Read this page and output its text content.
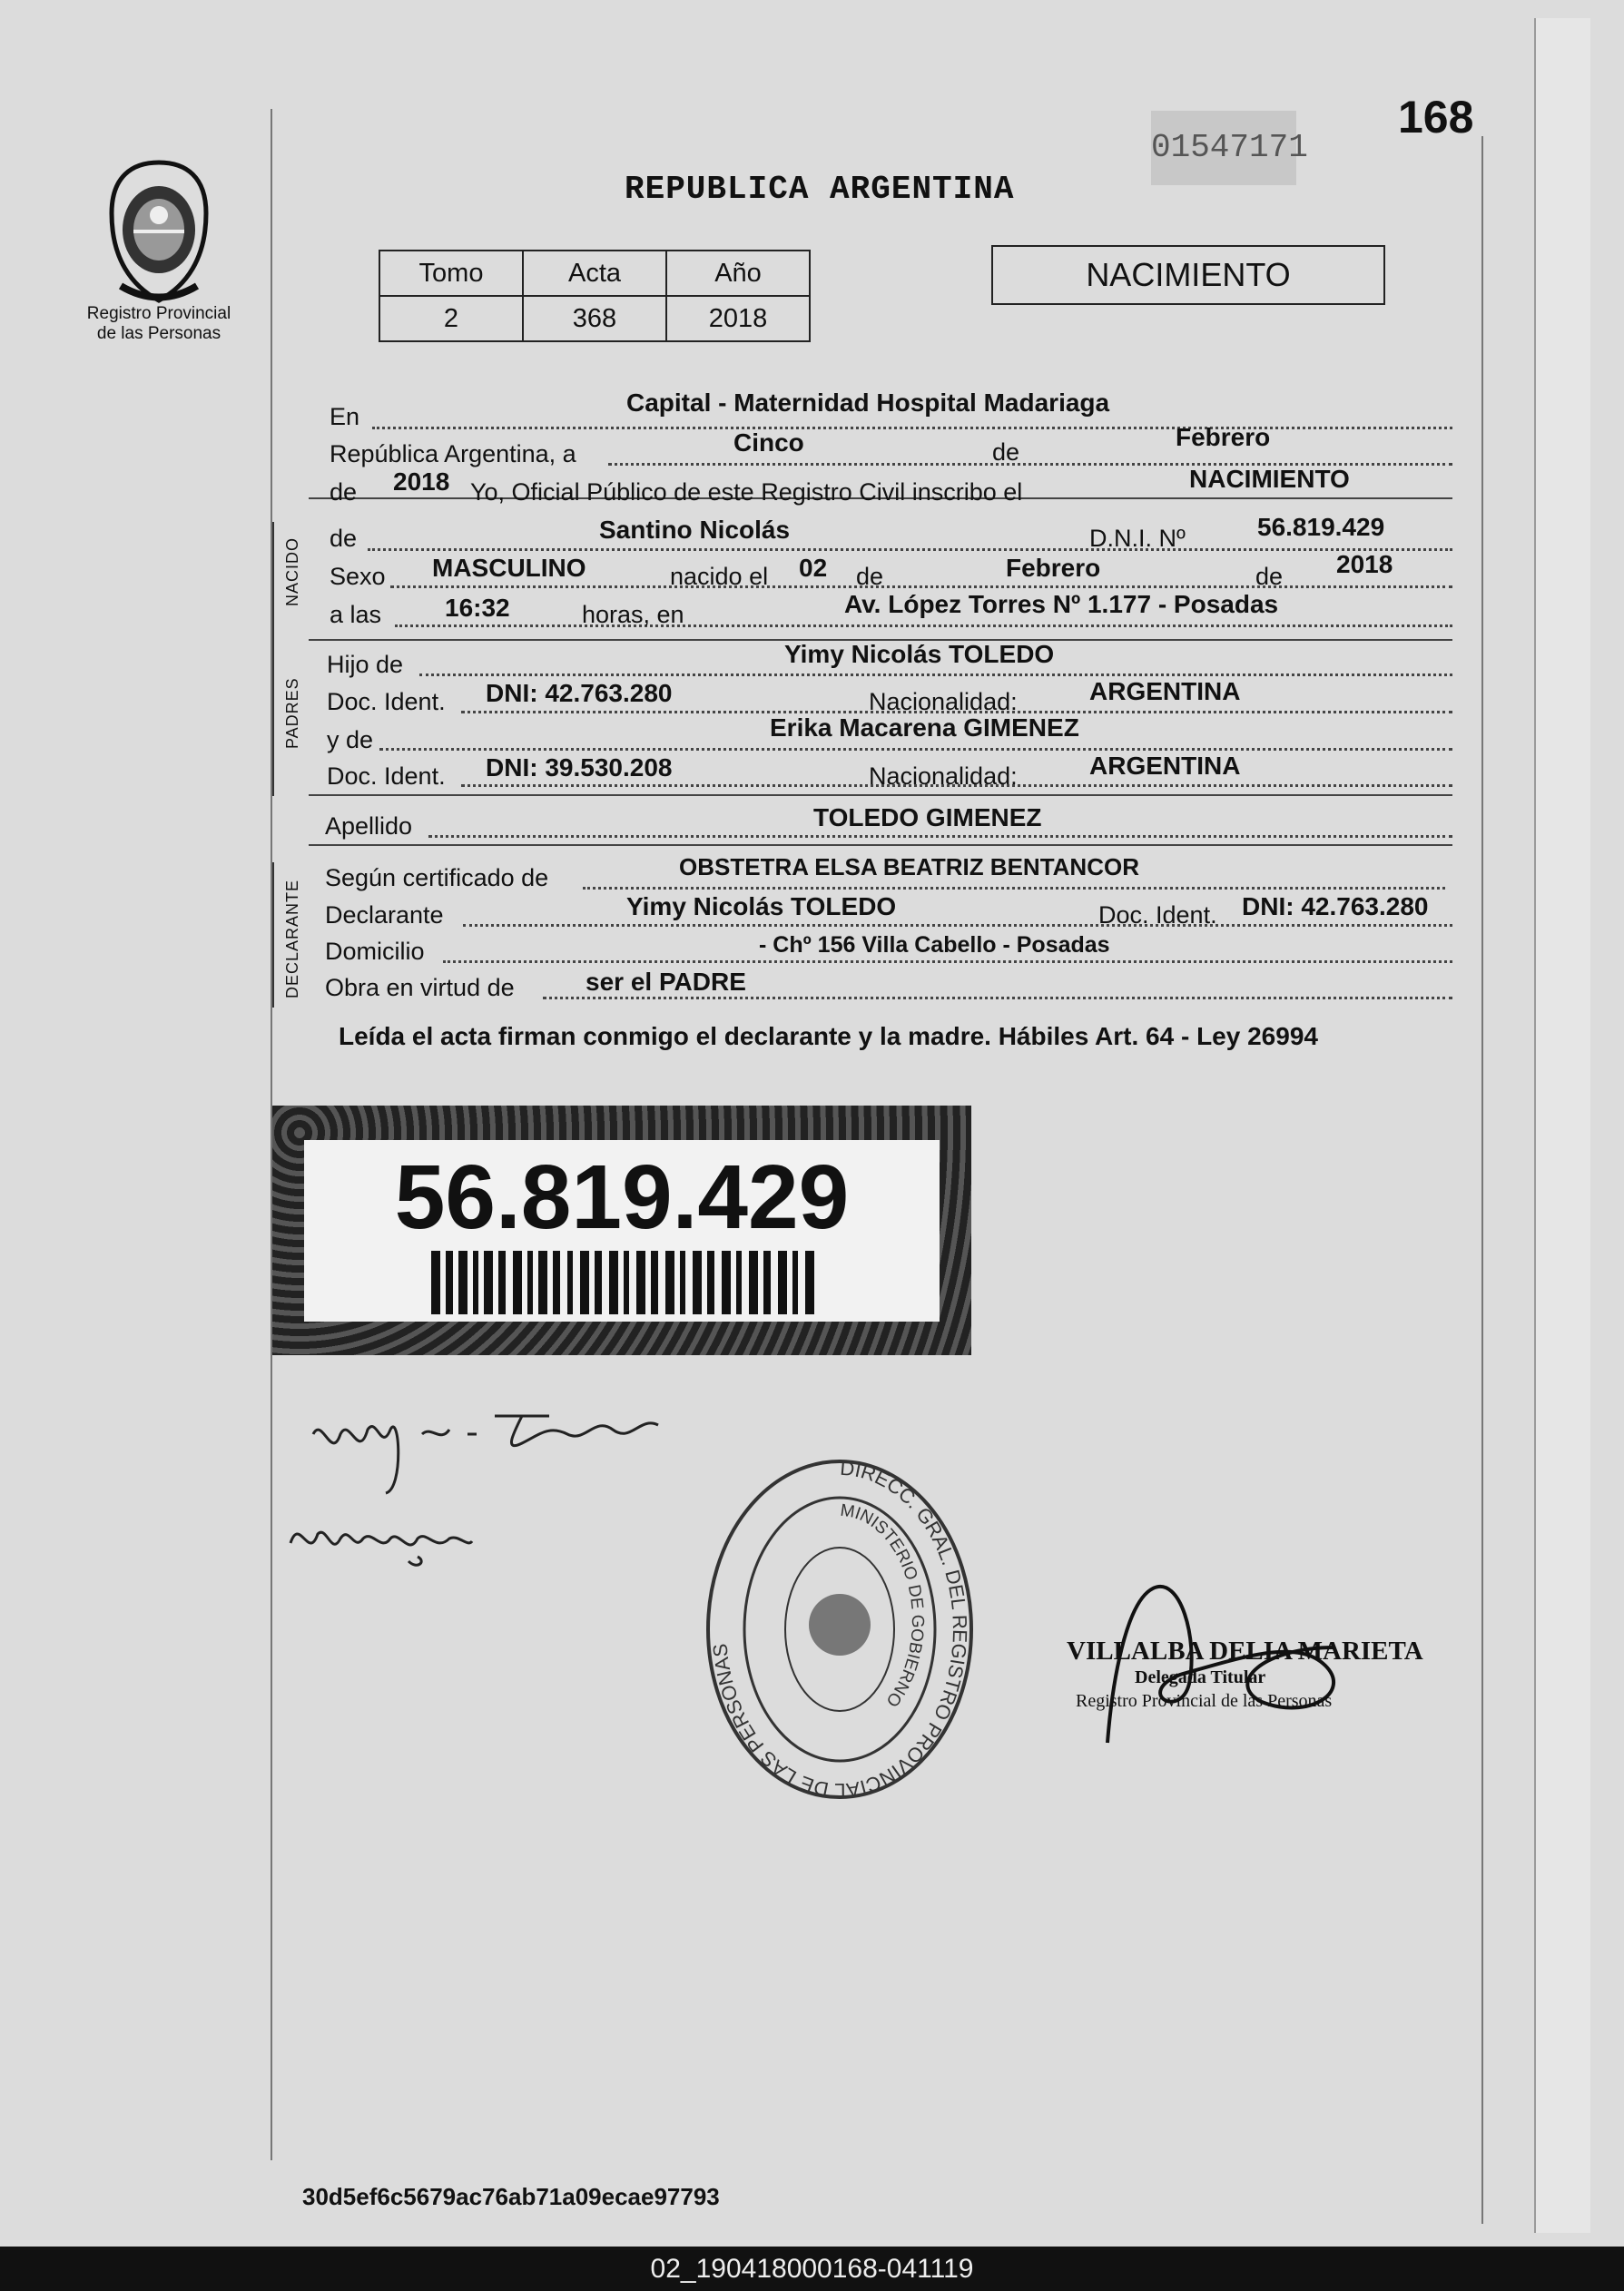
Registro Provincial
de las Personas
01547171
168
REPUBLICA ARGENTINA
Tomo	Acta	Año
2	368	2018
NACIMIENTO
NACIDO
PADRES
DECLARANTE
En	Capital - Maternidad Hospital Madariaga
República Argentina, a	Cinco	de
Febrero
de 2018 Yo, Oficial Público de este Registro Civil inscribo el	NACIMIENTO
de	Santino Nicolás	D.N.I. Nº	56.819.429
Sexo MASCULINO	nacido el 02 de	Febrero	de 2018
a las 16:32	horas, en	Av. López Torres Nº 1.177 - Posadas
Hijo de	Yimy Nicolás TOLEDO
Doc. Ident. DNI: 42.763.280	Nacionalidad:	ARGENTINA
y de	Erika Macarena GIMENEZ
Doc. Ident. DNI: 39.530.208	Nacionalidad:	ARGENTINA
Apellido	TOLEDO GIMENEZ
Según certificado de	OBSTETRA ELSA BEATRIZ BENTANCOR
Declarante	Yimy Nicolás TOLEDO	Doc. Ident. DNI: 42.763.280
Domicilio	- Chº 156 Villa Cabello - Posadas
Obra en virtud de	ser el PADRE
Leída el acta firman conmigo el declarante y la madre. Hábiles Art. 64 - Ley 26994
56.819.429
DIRECC. GRAL. DEL REGISTRO PROVINCIAL DE LAS PERSONAS
MINISTERIO DE GOBIERNO
VILLALBA DELIA MARIETA
Delegada Titular
Registro Provincial de las Personas
30d5ef6c5679ac76ab71a09ecae97793
02_190418000168-041119
